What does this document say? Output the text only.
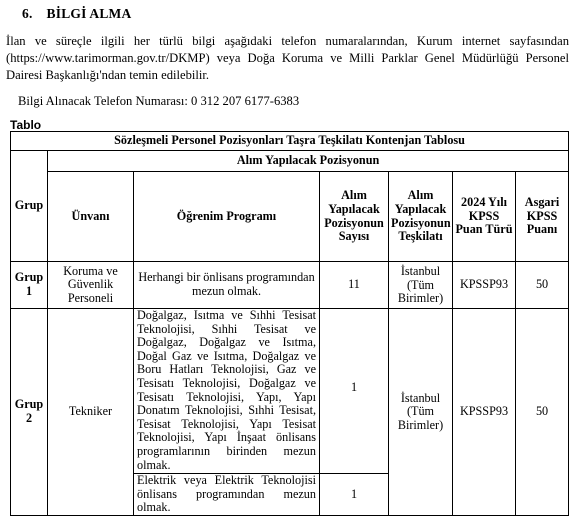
6. BİLGİ ALMA
İlan ve süreçle ilgili her türlü bilgi aşağıdaki telefon numaralarından, Kurum internet sayfasından (https://www.tarimorman.gov.tr/DKMP) veya Doğa Koruma ve Milli Parklar Genel Müdürlüğü Personel Dairesi Başkanlığı'ndan temin edilebilir.
Bilgi Alınacak Telefon Numarası: 0 312 207 6177-6383
Tablo
Sözleşmeli Personel Pozisyonları Taşra Teşkilatı Kontenjan Tablosu						
Grup	Alım Yapılacak Pozisyonun					
	Ünvanı	Öğrenim Programı	Alım Yapılacak Pozisyonun Sayısı	Alım Yapılacak Pozisyonun Teşkilatı	2024 Yılı KPSS Puan Türü	Asgari KPSS Puanı
Grup 1	Koruma ve Güvenlik Personeli	Herhangi bir önlisans programından mezun olmak.	11	İstanbul (Tüm Birimler)	KPSSP93	50
Grup 2	Tekniker	Doğalgaz, Isıtma ve Sıhhi Tesisat Teknolojisi, Sıhhi Tesisat ve Doğalgaz, Doğalgaz ve Isıtma, Doğal Gaz ve Isıtma, Doğalgaz ve Boru Hatları Teknolojisi, Gaz ve Tesisatı Teknolojisi, Doğalgaz ve Tesisatı Teknolojisi, Yapı, Yapı Donatım Teknolojisi, Sıhhi Tesisat, Tesisat Teknolojisi, Yapı Tesisat Teknolojisi, Yapı İnşaat önlisans programlarının birinden mezun olmak.	1	İstanbul (Tüm Birimler)	KPSSP93	50
		Elektrik veya Elektrik Teknolojisi önlisans programından mezun olmak.	1			
